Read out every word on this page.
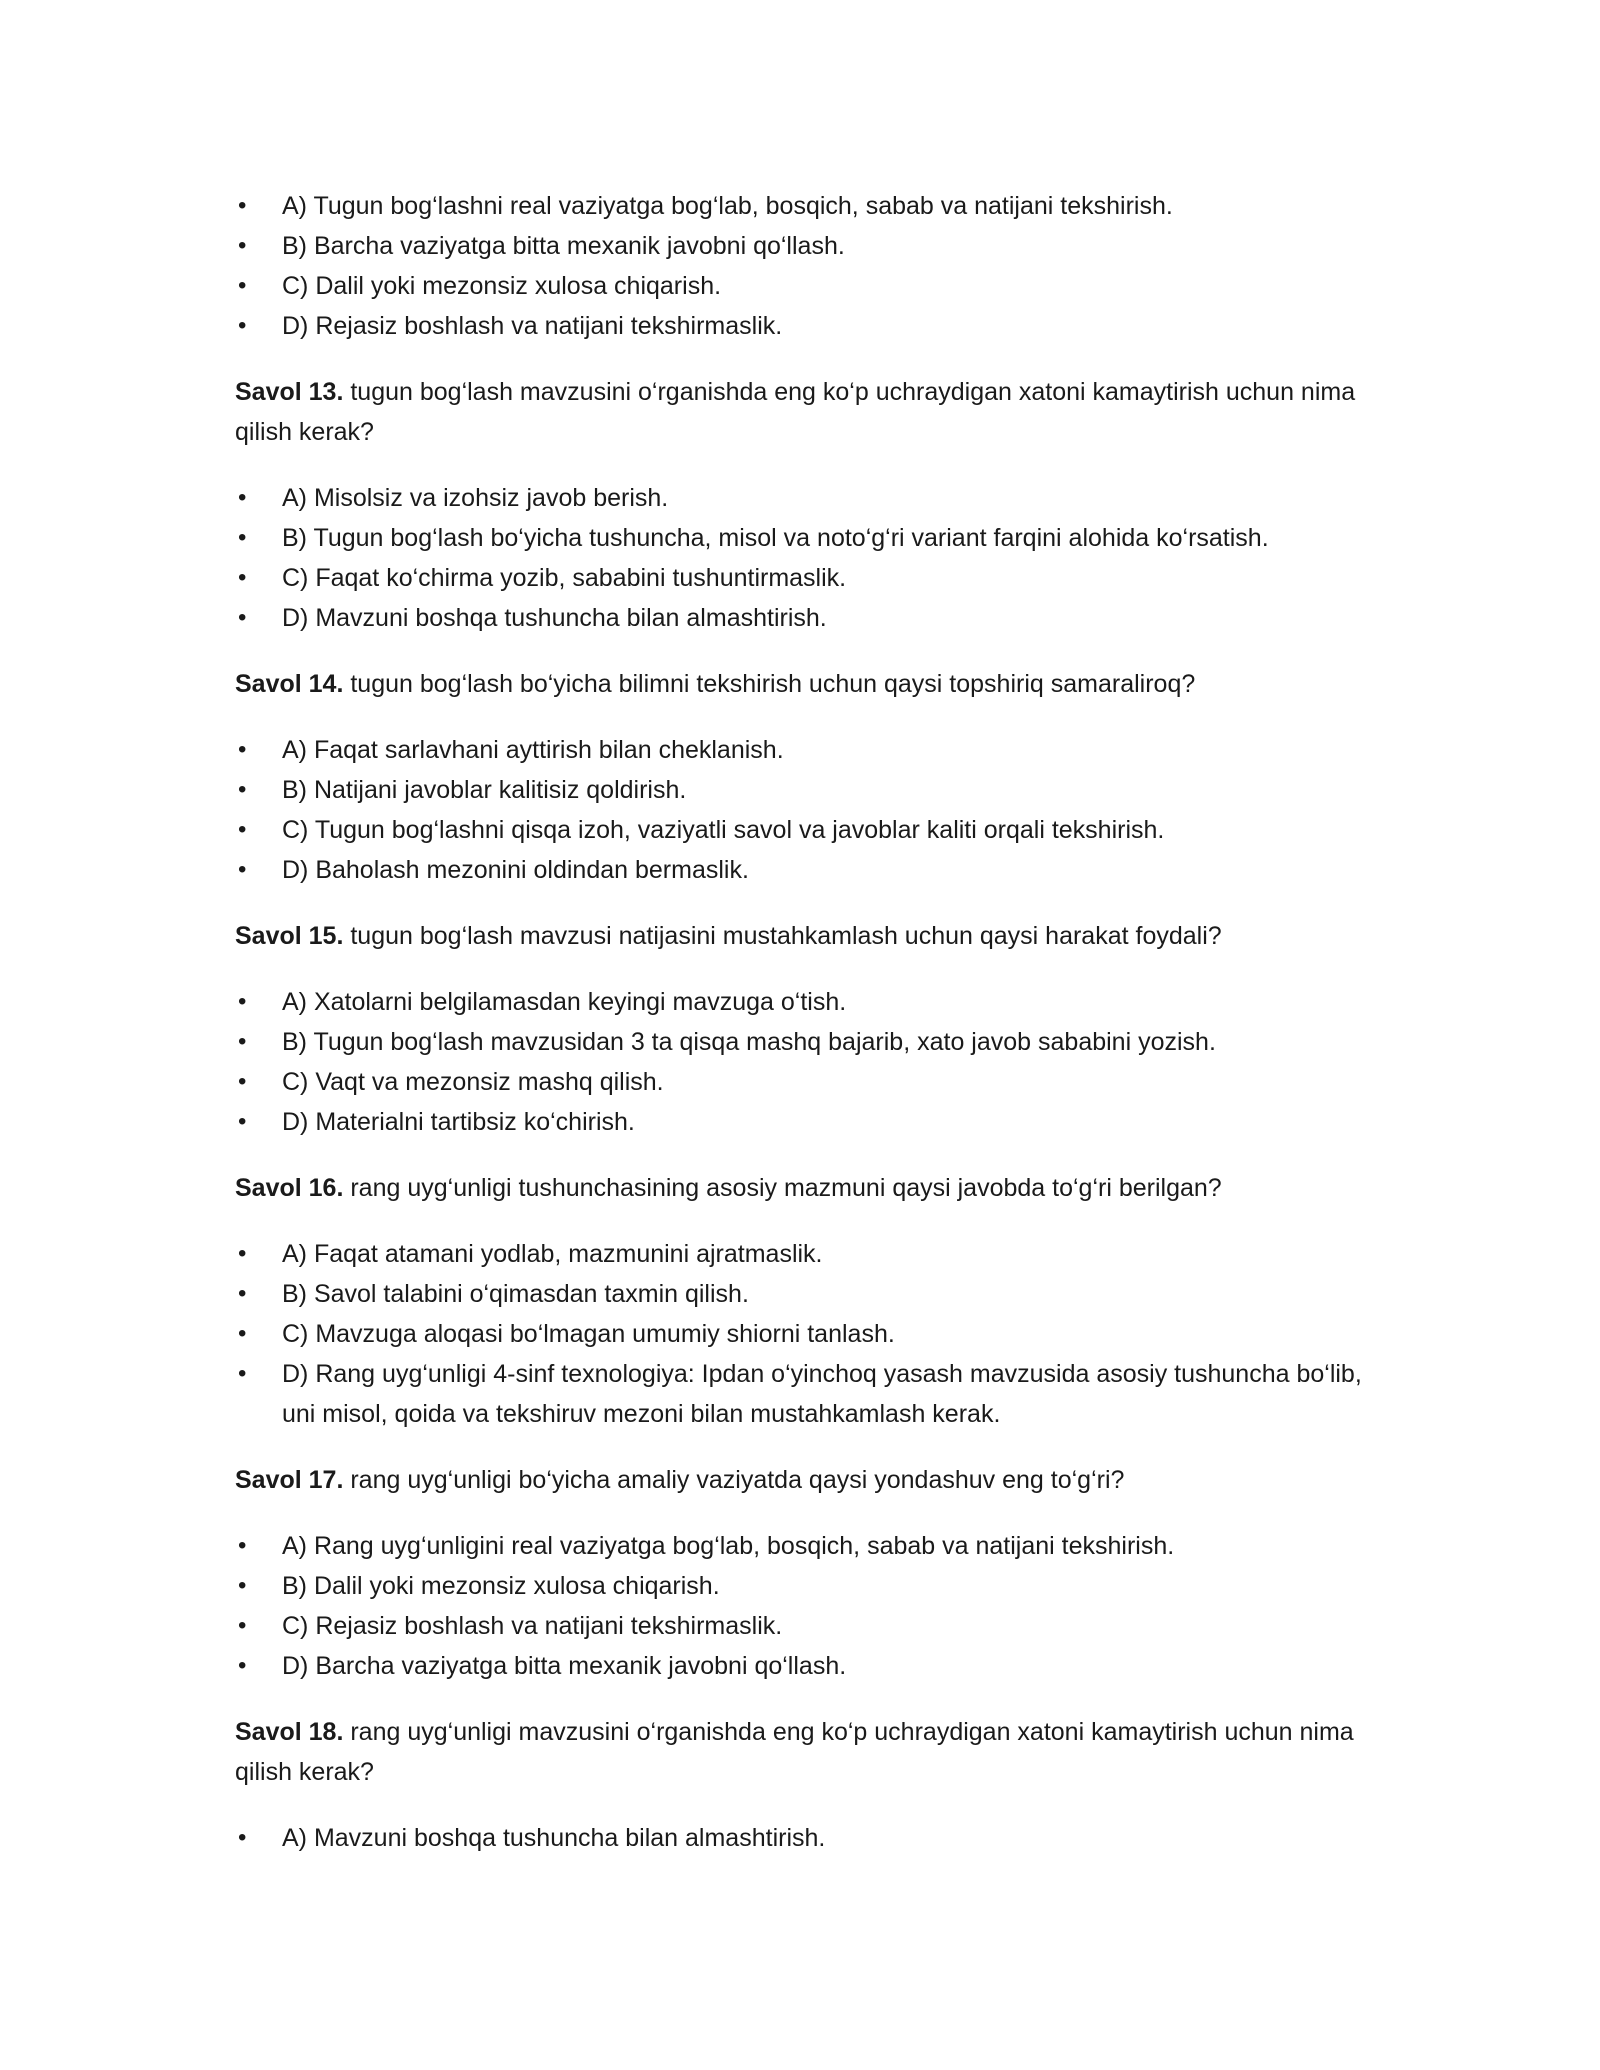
•	A) Tugun bog‘lashni real vaziyatga bog‘lab, bosqich, sabab va natijani tekshirish.
•	B) Barcha vaziyatga bitta mexanik javobni qo‘llash.
•	C) Dalil yoki mezonsiz xulosa chiqarish.
•	D) Rejasiz boshlash va natijani tekshirmaslik.

Savol 13. tugun bog‘lash mavzusini o‘rganishda eng ko‘p uchraydigan xatoni kamaytirish uchun nima qilish kerak?

•	A) Misolsiz va izohsiz javob berish.
•	B) Tugun bog‘lash bo‘yicha tushuncha, misol va noto‘g‘ri variant farqini alohida ko‘rsatish.
•	C) Faqat ko‘chirma yozib, sababini tushuntirmaslik.
•	D) Mavzuni boshqa tushuncha bilan almashtirish.

Savol 14. tugun bog‘lash bo‘yicha bilimni tekshirish uchun qaysi topshiriq samaraliroq?

•	A) Faqat sarlavhani ayttirish bilan cheklanish.
•	B) Natijani javoblar kalitisiz qoldirish.
•	C) Tugun bog‘lashni qisqa izoh, vaziyatli savol va javoblar kaliti orqali tekshirish.
•	D) Baholash mezonini oldindan bermaslik.

Savol 15. tugun bog‘lash mavzusi natijasini mustahkamlash uchun qaysi harakat foydali?

•	A) Xatolarni belgilamasdan keyingi mavzuga o‘tish.
•	B) Tugun bog‘lash mavzusidan 3 ta qisqa mashq bajarib, xato javob sababini yozish.
•	C) Vaqt va mezonsiz mashq qilish.
•	D) Materialni tartibsiz ko‘chirish.

Savol 16. rang uyg‘unligi tushunchasining asosiy mazmuni qaysi javobda to‘g‘ri berilgan?

•	A) Faqat atamani yodlab, mazmunini ajratmaslik.
•	B) Savol talabini o‘qimasdan taxmin qilish.
•	C) Mavzuga aloqasi bo‘lmagan umumiy shiorni tanlash.
•	D) Rang uyg‘unligi 4-sinf texnologiya: Ipdan o‘yinchoq yasash mavzusida asosiy tushuncha bo‘lib, uni misol, qoida va tekshiruv mezoni bilan mustahkamlash kerak.

Savol 17. rang uyg‘unligi bo‘yicha amaliy vaziyatda qaysi yondashuv eng to‘g‘ri?

•	A) Rang uyg‘unligini real vaziyatga bog‘lab, bosqich, sabab va natijani tekshirish.
•	B) Dalil yoki mezonsiz xulosa chiqarish.
•	C) Rejasiz boshlash va natijani tekshirmaslik.
•	D) Barcha vaziyatga bitta mexanik javobni qo‘llash.

Savol 18. rang uyg‘unligi mavzusini o‘rganishda eng ko‘p uchraydigan xatoni kamaytirish uchun nima qilish kerak?

•	A) Mavzuni boshqa tushuncha bilan almashtirish.
